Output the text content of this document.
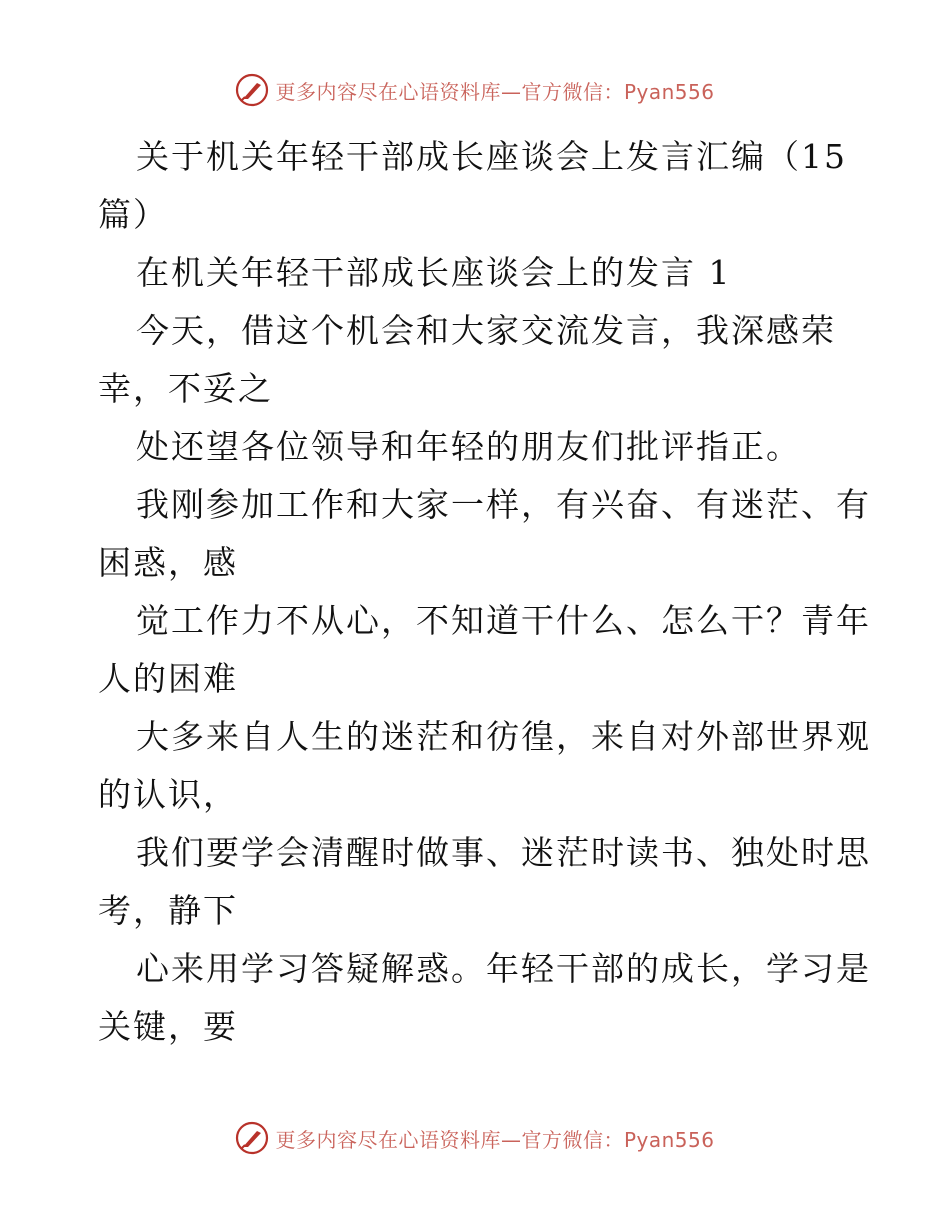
更多内容尽在心语资料库—官方微信：Pyan556
关于机关年轻干部成长座谈会上发言汇编（15
篇）
在机关年轻干部成长座谈会上的发言 1
今天，借这个机会和大家交流发言，我深感荣
幸，不妥之
处还望各位领导和年轻的朋友们批评指正。
我刚参加工作和大家一样，有兴奋、有迷茫、有
困惑，感
觉工作力不从心，不知道干什么、怎么干？青年
人的困难
大多来自人生的迷茫和彷徨，来自对外部世界观
的认识，
我们要学会清醒时做事、迷茫时读书、独处时思
考，静下
心来用学习答疑解惑。年轻干部的成长，学习是
关键，要
更多内容尽在心语资料库—官方微信：Pyan556
